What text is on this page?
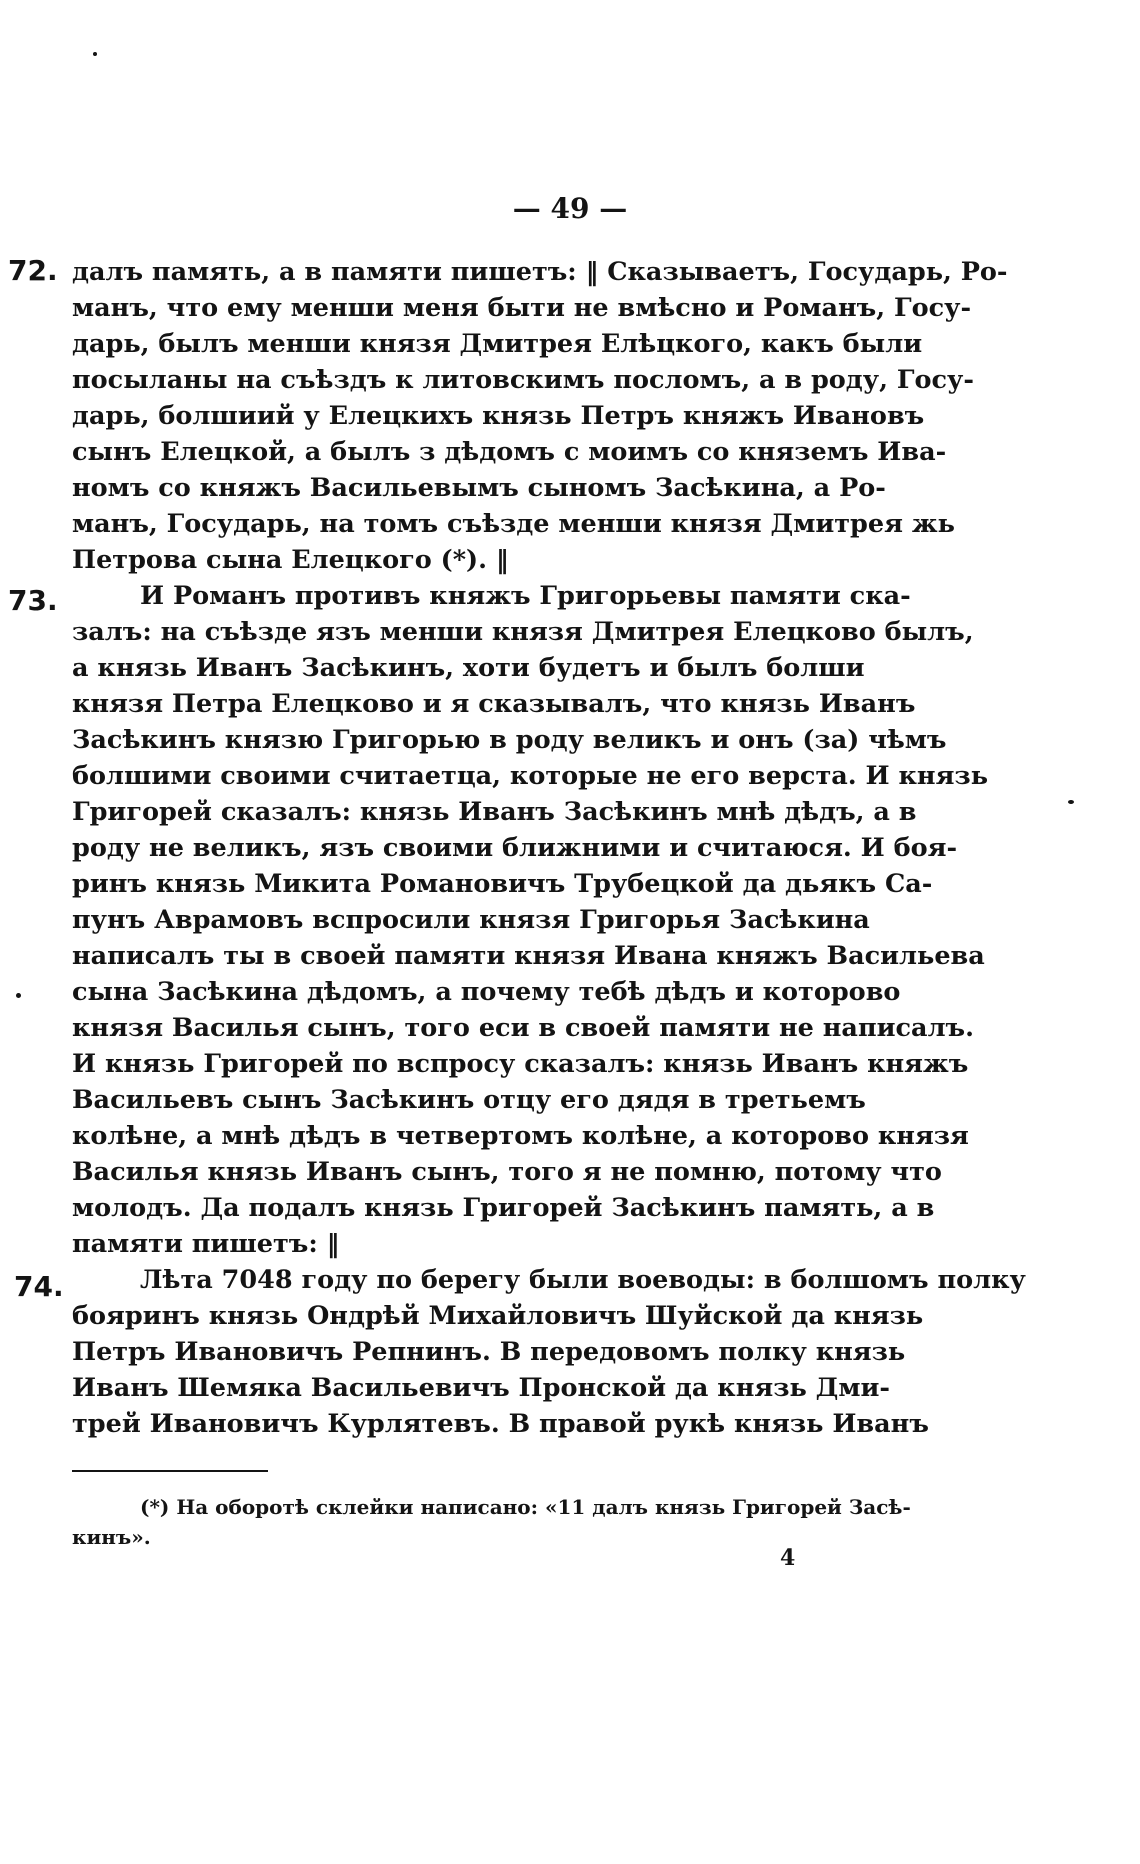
— 49 —
72. далъ память, а в памяти пишетъ: ‖ Сказываетъ, Государь, Ро-
манъ, что ему менши меня быти не вмѣсно и Романъ, Госу-
дарь, былъ менши князя Дмитрея Елѣцкого, какъ были
посыланы на съѣздъ к литовскимъ посломъ, а в роду, Госу-
дарь, болшиий у Елецкихъ князь Петръ княжъ Ивановъ
сынъ Елецкой, а былъ з дѣдомъ с моимъ со княземъ Ива-
номъ со княжъ Васильевымъ сыномъ Засѣкина, а Ро-
манъ, Государь, на томъ съѣзде менши князя Дмитрея жь
Петрова сына Елецкого (*). ‖
73.	И Романъ противъ княжъ Григорьевы памяти ска-
залъ: на съѣзде язъ менши князя Дмитрея Елецково былъ,
а князь Иванъ Засѣкинъ, хоти будетъ и былъ болши
князя Петра Елецково и я сказывалъ, что князь Иванъ
Засѣкинъ князю Григорью в роду великъ и онъ (за) чѣмъ
болшими своими считаетца, которые не его верста. И князь
Григорей сказалъ: князь Иванъ Засѣкинъ мнѣ дѣдъ, а в
роду не великъ, язъ своими ближними и считаюся. И боя-
ринъ князь Микита Романовичъ Трубецкой да дьякъ Са-
пунъ Аврамовъ вспросили князя Григорья Засѣкина
написалъ ты в своей памяти князя Ивана княжъ Васильева
сына Засѣкина дѣдомъ, а почему тебѣ дѣдъ и которово
князя Василья сынъ, того еси в своей памяти не написалъ.
И князь Григорей по вспросу сказалъ: князь Иванъ княжъ
Васильевъ сынъ Засѣкинъ отцу его дядя в третьемъ
колѣне, а мнѣ дѣдъ в четвертомъ колѣне, а которово князя
Василья князь Иванъ сынъ, того я не помню, потому что
молодъ. Да подалъ князь Григорей Засѣкинъ память, а в
памяти пишетъ: ‖
74.	Лѣта 7048 году по берегу были воеводы: в болшомъ полку
бояринъ князь Ондрѣй Михайловичъ Шуйской да князь
Петръ Ивановичъ Репнинъ. В передовомъ полку князь
Иванъ Шемяка Васильевичъ Пронской да князь Дми-
трей Ивановичъ Курлятевъ. В правой рукѣ князь Иванъ
(*) На оборотѣ склейки написано: «11 далъ князь Григорей Засѣ-
кинъ».
4
